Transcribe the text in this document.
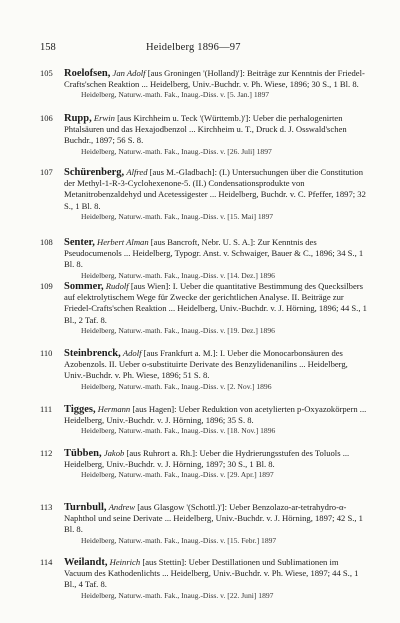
158	Heidelberg 1896—97
105	Roelofsen, Jan Adolf [aus Groningen '(Holland)']: Beiträge zur Kenntnis der Friedel-Crafts'schen Reaktion ... Heidelberg, Univ.-Buchdr. v. Ph. Wiese, 1896; 30 S., 1 Bl. 8.
Heidelberg, Naturw.-math. Fak., Inaug.-Diss. v. [5. Jan.] 1897
106	Rupp, Erwin [aus Kirchheim u. Teck '(Württemb.)']: Ueber die perhalogenirten Phtalsäuren und das Hexajodbenzol ... Kirchheim u. T., Druck d. J. Osswald'schen Buchdr., 1897; 56 S. 8.
Heidelberg, Naturw.-math. Fak., Inaug.-Diss. v. [26. Juli] 1897
107	Schürenberg, Alfred [aus M.-Gladbach]: (I.) Untersuchungen über die Constitution der Methyl-1-R-3-Cyclohexenone-5. (II.) Condensationsprodukte von Metanitrobenzaldehyd und Acetessigester ... Heidelberg, Buchdr. v. C. Pfeffer, 1897; 32 S., 1 Bl. 8.
Heidelberg, Naturw.-math. Fak., Inaug.-Diss. v. [15. Mai] 1897
108	Senter, Herbert Alman [aus Bancroft, Nebr. U. S. A.]: Zur Kenntnis des Pseudocumenols ... Heidelberg, Typogr. Anst. v. Schwaiger, Bauer & C., 1896; 34 S., 1 Bl. 8.
Heidelberg, Naturw.-math. Fak., Inaug.-Diss. v. [14. Dez.] 1896
109	Sommer, Rudolf [aus Wien]: I. Ueber die quantitative Bestimmung des Quecksilbers auf elektrolytischem Wege für Zwecke der gerichtlichen Analyse. II. Beiträge zur Friedel-Crafts'schen Reaktion ... Heidelberg, Univ.-Buchdr. v. J. Hörning, 1896; 44 S., 1 Bl., 2 Taf. 8.
Heidelberg, Naturw.-math. Fak., Inaug.-Diss. v. [19. Dez.] 1896
110	Steinbrenck, Adolf [aus Frankfurt a. M.]: I. Ueber die Monocarbonsäuren des Azobenzols. II. Ueber o-substituirte Derivate des Benzylidenanilins ... Heidelberg, Univ.-Buchdr. v. Ph. Wiese, 1896; 51 S. 8.
Heidelberg, Naturw.-math. Fak., Inaug.-Diss. v. [2. Nov.] 1896
111	Tigges, Hermann [aus Hagen]: Ueber Reduktion von acetylierten p-Oxyazokörpern ... Heidelberg, Univ.-Buchdr. v. J. Hörning, 1896; 35 S. 8.
Heidelberg, Naturw.-math. Fak., Inaug.-Diss. v. [18. Nov.] 1896
112	Tübben, Jakob [aus Ruhrort a. Rh.]: Ueber die Hydrierungsstufen des Toluols ... Heidelberg, Univ.-Buchdr. v. J. Hörning, 1897; 30 S., 1 Bl. 8.
Heidelberg, Naturw.-math. Fak., Inaug.-Diss. v. [29. Apr.] 1897
113	Turnbull, Andrew [aus Glasgow '(Schottl.)']: Ueber Benzolazo-ar-tetrahydro-α-Naphthol und seine Derivate ... Heidelberg, Univ.-Buchdr. v. J. Hörning, 1897; 42 S., 1 Bl. 8.
Heidelberg, Naturw.-math. Fak., Inaug.-Diss. v. [15. Febr.] 1897
114	Weilandt, Heinrich [aus Stettin]: Ueber Destillationen und Sublimationen im Vacuum des Kathodenlichts ... Heidelberg, Univ.-Buchdr. v. Ph. Wiese, 1897; 44 S., 1 Bl., 4 Taf. 8.
Heidelberg, Naturw.-math. Fak., Inaug.-Diss. v. [22. Juni] 1897
